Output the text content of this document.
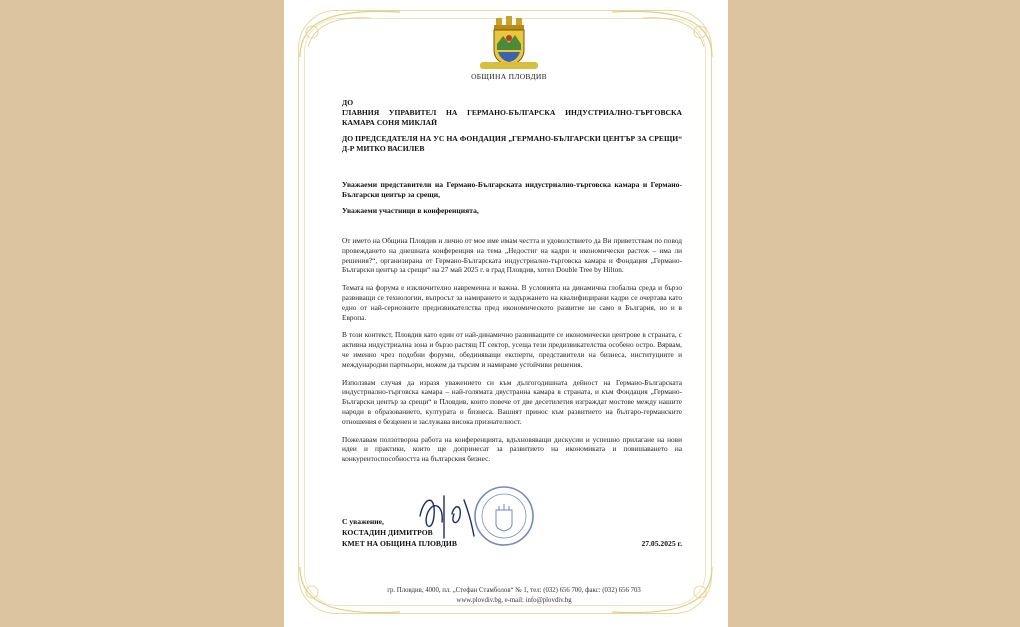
ОБЩИНА ПЛОВДИВ

ДО
ГЛАВНИЯ УПРАВИТЕЛ НА ГЕРМАНО-БЪЛГАРСКА ИНДУСТРИАЛНО-ТЪРГОВСКА КАМАРА СОНЯ МИКЛАЙ

ДО ПРЕДСЕДАТЕЛЯ НА УС НА ФОНДАЦИЯ „ГЕРМАНО-БЪЛГАРСКИ ЦЕНТЪР ЗА СРЕЩИ“ Д-Р МИТКО ВАСИЛЕВ

Уважаеми представители на Германо-Българската индустриално-търговска камара и Германо-Български център за срещи,
Уважаеми участници в конференцията,

От името на Община Пловдив и лично от мое име имам честта и удоволствието да Ви приветствам по повод провеждането на днешната конференция на тема „Недостиг на кадри и икономически растеж – има ли решения?“, организирана от Германо-Българската индустриално-търговска камара и Фондация „Германо-Български център за срещи“ на 27 май 2025 г. в град Пловдив, хотел Double Tree by Hilton.

Темата на форума е изключително навременна и важна. В условията на динамична глобална среда и бързо развиващи се технологии, въпросът за намирането и задържането на квалифицирани кадри се очертава като едно от най-сериозните предизвикателства пред икономическото развитие не само в България, но и в Европа.

В този контекст, Пловдив като един от най-динамично развиващите се икономически центрове в страната, с активна индустриална зона и бързо растящ IT сектор, усеща тези предизвикателства особено остро. Вярвам, че именно чрез подобни форуми, обединяващи експерти, представители на бизнеса, институциите и международни партньори, можем да търсим и намираме устойчиви решения.

Използвам случая да изразя уважението си към дългогодишната дейност на Германо-Българската индустриално-търговска камара – най-голямата двустранна камара в страната, и към Фондация „Германо-Български център за срещи“ в Пловдив, които повече от две десетилетия изграждат мостове между нашите народи в образованието, културата и бизнеса. Вашият принос към развитието на българо-германските отношения е безценен и заслужава висока признателност.

Пожелавам ползотворна работа на конференцията, вдъхновяващи дискусии и успешно прилагане на нови идеи и практики, които ще допринесат за развитието на икономиката и повишаването на конкурентоспособността на българския бизнес.

С уважение,
КОСТАДИН ДИМИТРОВ
КМЕТ НА ОБЩИНА ПЛОВДИВ	27.05.2025 г.
гр. Пловдив, 4000, пл. „Стефан Стамболов“ № 1, тел: (032) 656 700, факс: (032) 656 703
www.plovdiv.bg, e-mail: info@plovdiv.bg
